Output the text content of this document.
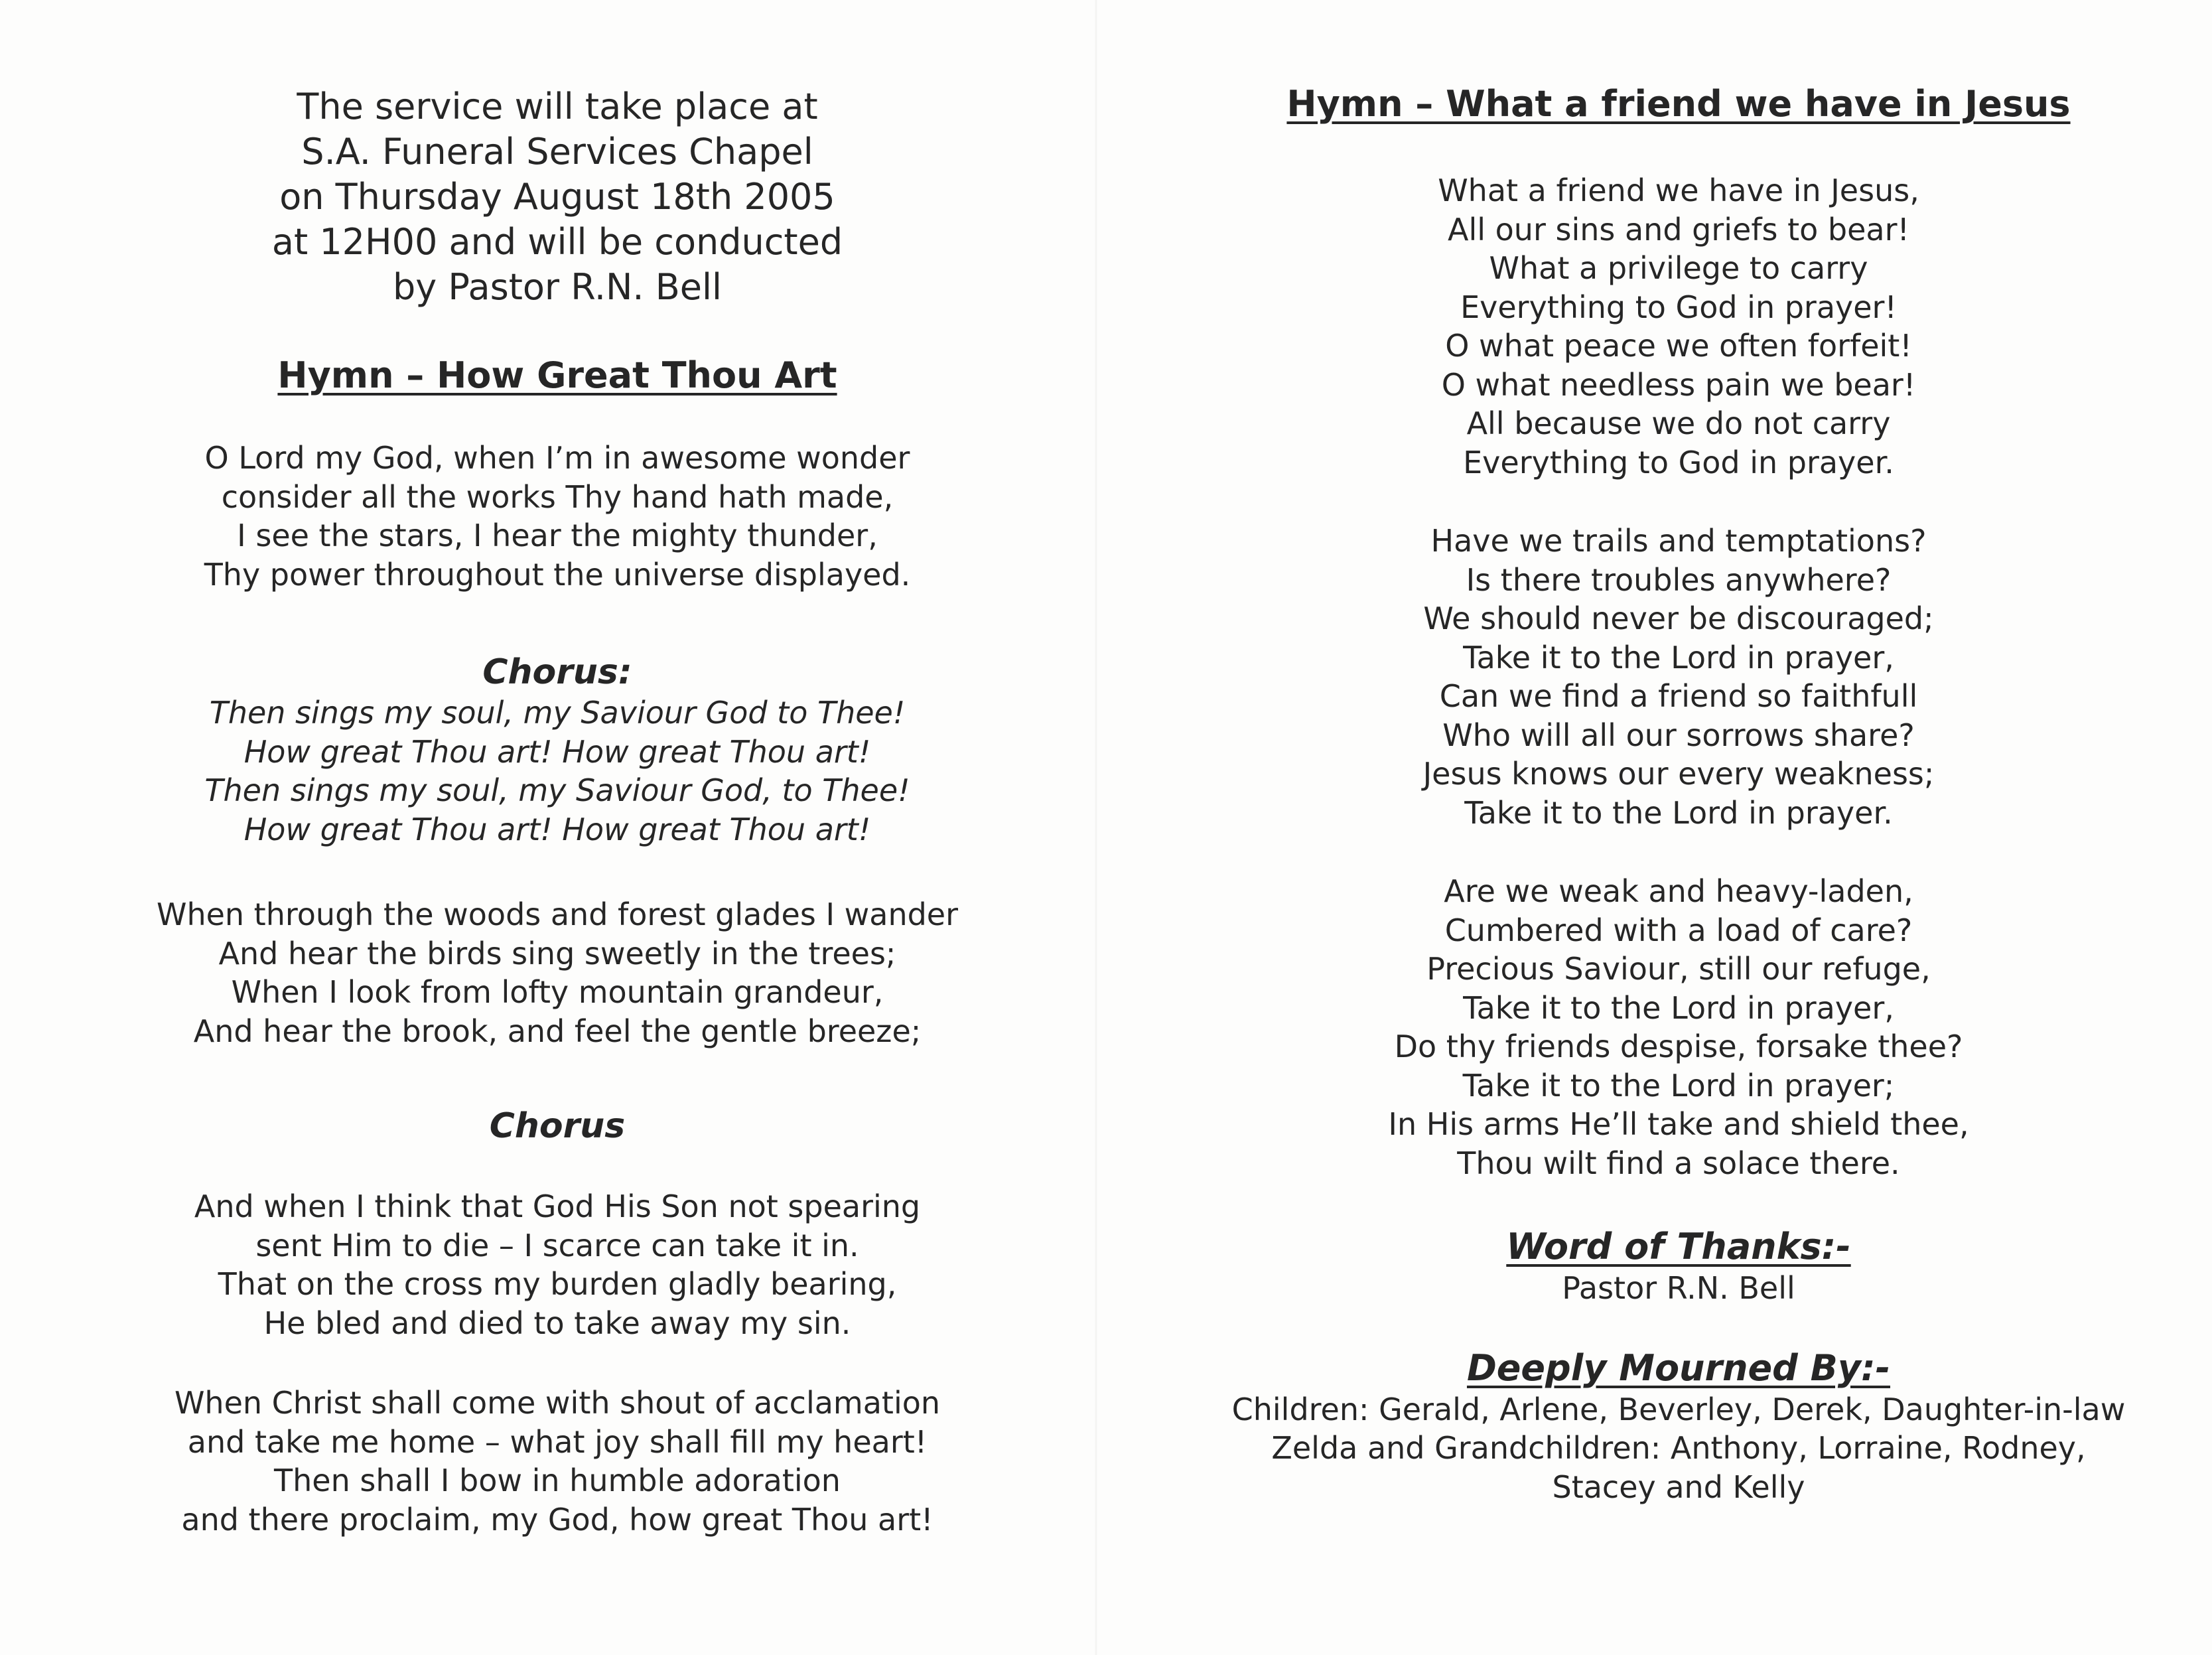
The service will take place at
S.A. Funeral Services Chapel
on Thursday August 18th 2005
at 12H00 and will be conducted
by Pastor R.N. Bell
Hymn – How Great Thou Art
O Lord my God, when I’m in awesome wonder
consider all the works Thy hand hath made,
I see the stars, I hear the mighty thunder,
Thy power throughout the universe displayed.
Chorus:
Then sings my soul, my Saviour God to Thee!
How great Thou art! How great Thou art!
Then sings my soul, my Saviour God, to Thee!
How great Thou art! How great Thou art!
When through the woods and forest glades I wander
And hear the birds sing sweetly in the trees;
When I look from lofty mountain grandeur,
And hear the brook, and feel the gentle breeze;
Chorus
And when I think that God His Son not spearing
sent Him to die – I scarce can take it in.
That on the cross my burden gladly bearing,
He bled and died to take away my sin.
When Christ shall come with shout of acclamation
and take me home – what joy shall fill my heart!
Then shall I bow in humble adoration
and there proclaim, my God, how great Thou art!
Hymn – What a friend we have in Jesus
What a friend we have in Jesus,
All our sins and griefs to bear!
What a privilege to carry
Everything to God in prayer!
O what peace we often forfeit!
O what needless pain we bear!
All because we do not carry
Everything to God in prayer.
Have we trails and temptations?
Is there troubles anywhere?
We should never be discouraged;
Take it to the Lord in prayer,
Can we find a friend so faithfull
Who will all our sorrows share?
Jesus knows our every weakness;
Take it to the Lord in prayer.
Are we weak and heavy-laden,
Cumbered with a load of care?
Precious Saviour, still our refuge,
Take it to the Lord in prayer,
Do thy friends despise, forsake thee?
Take it to the Lord in prayer;
In His arms He’ll take and shield thee,
Thou wilt find a solace there.
Word of Thanks:-
Pastor R.N. Bell
Deeply Mourned By:-
Children: Gerald, Arlene, Beverley, Derek, Daughter-in-law
Zelda and Grandchildren: Anthony, Lorraine, Rodney,
Stacey and Kelly
